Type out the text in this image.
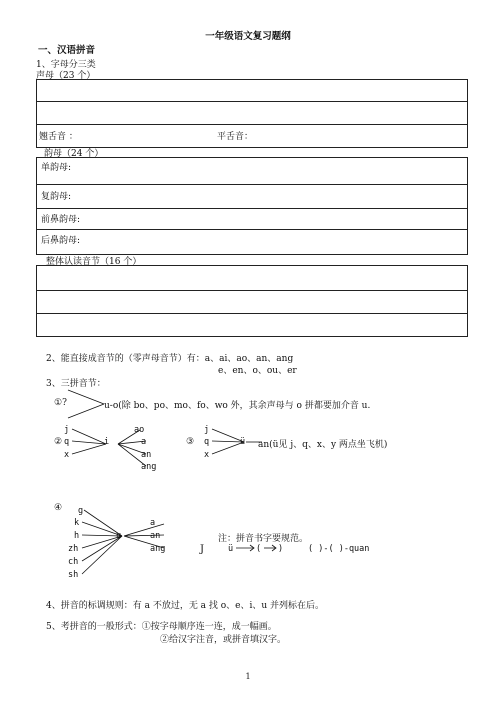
一年级语文复习题纲
一、汉语拼音
1、字母分三类
声母（23 个）
翘舌音 ：	平舌音：
韵母（24 个）
单韵母:
复韵母:
前鼻韵母:
后鼻韵母:
整体认读音节（16 个）
2、能直接成音节的（零声母音节）有：a、ai、ao、an、ang
e、en、o、ou、er
3、三拼音节：
①?	u-o(除 bo、po、mo、fo、wo 外，其余声母与 o 拼都要加介音 u.
②
j
q
x
i
ao
a
an
ang
③
j
q
x
ü an(ü见 j、q、x、y 两点坐飞机)
④ g
k
h
zh
ch
sh
u
a
an
ang
注：拼音书字要规范。
J	ü	( )	( )-( )-quan
4、拼音的标调规则：有 a 不放过，无 a 找 o、e、i、u 并列标在后。
5、考拼音的一般形式：①按字母顺序连一连，成一幅画。
②给汉字注音，或拼音填汉字。
1
